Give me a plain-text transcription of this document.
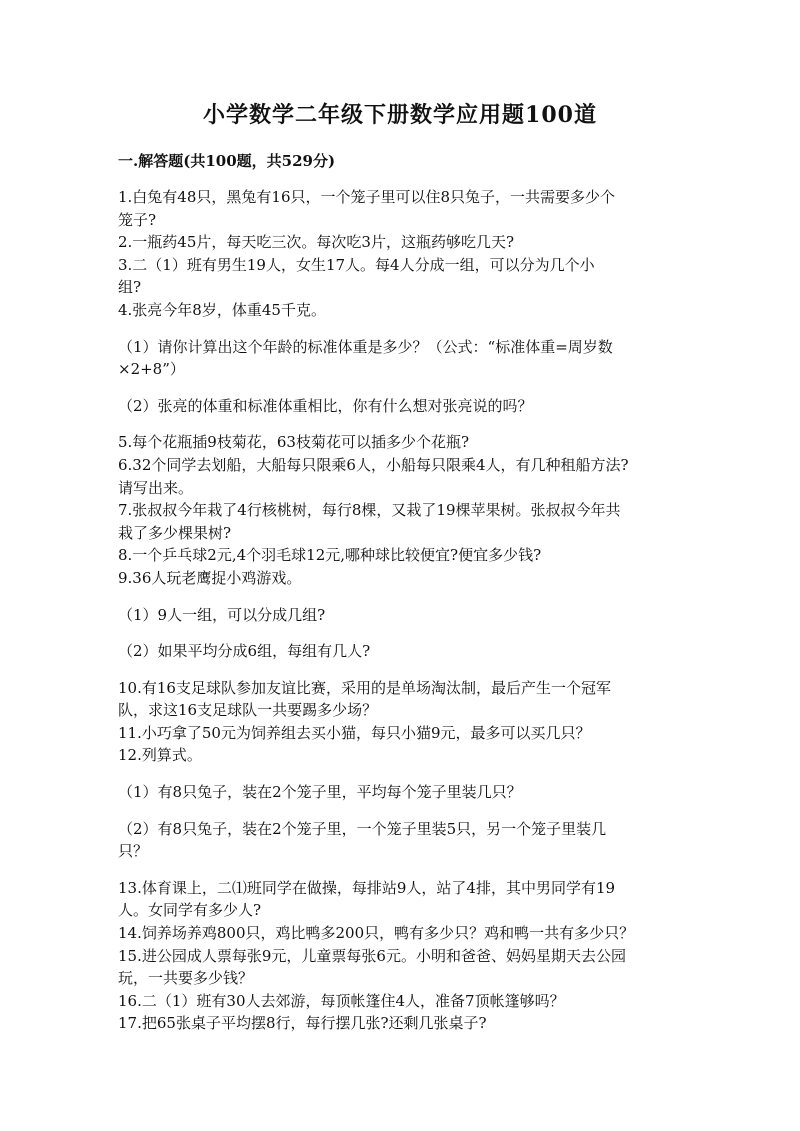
小学数学二年级下册数学应用题100道
一.解答题(共100题，共529分)
1.白兔有48只，黑兔有16只，一个笼子里可以住8只兔子，一共需要多少个
笼子?
2.一瓶药45片，每天吃三次。每次吃3片，这瓶药够吃几天?
3.二（1）班有男生19人，女生17人。每4人分成一组，可以分为几个小
组?
4.张亮今年8岁，体重45千克。
（1）请你计算出这个年龄的标准体重是多少？（公式：“标准体重=周岁数
×2+8”）
（2）张亮的体重和标准体重相比，你有什么想对张亮说的吗？
5.每个花瓶插9枝菊花，63枝菊花可以插多少个花瓶?
6.32个同学去划船，大船每只限乘6人，小船每只限乘4人，有几种租船方法?
请写出来。
7.张叔叔今年栽了4行核桃树，每行8棵，又栽了19棵苹果树。张叔叔今年共
栽了多少棵果树?
8.一个乒乓球2元,4个羽毛球12元,哪种球比较便宜?便宜多少钱?
9.36人玩老鹰捉小鸡游戏。
（1）9人一组，可以分成几组?
（2）如果平均分成6组，每组有几人?
10.有16支足球队参加友谊比赛，采用的是单场淘汰制，最后产生一个冠军
队，求这16支足球队一共要踢多少场？
11.小巧拿了50元为饲养组去买小猫，每只小猫9元，最多可以买几只？
12.列算式。
（1）有8只兔子，装在2个笼子里，平均每个笼子里装几只？
（2）有8只兔子，装在2个笼子里，一个笼子里装5只，另一个笼子里装几
只？
13.体育课上，二⑴班同学在做操，每排站9人，站了4排，其中男同学有19
人。女同学有多少人?
14.饲养场养鸡800只，鸡比鸭多200只，鸭有多少只？鸡和鸭一共有多少只？
15.进公园成人票每张9元，儿童票每张6元。小明和爸爸、妈妈星期天去公园
玩，一共要多少钱？
16.二（1）班有30人去郊游，每顶帐篷住4人，准备7顶帐篷够吗？
17.把65张桌子平均摆8行，每行摆几张?还剩几张桌子?
